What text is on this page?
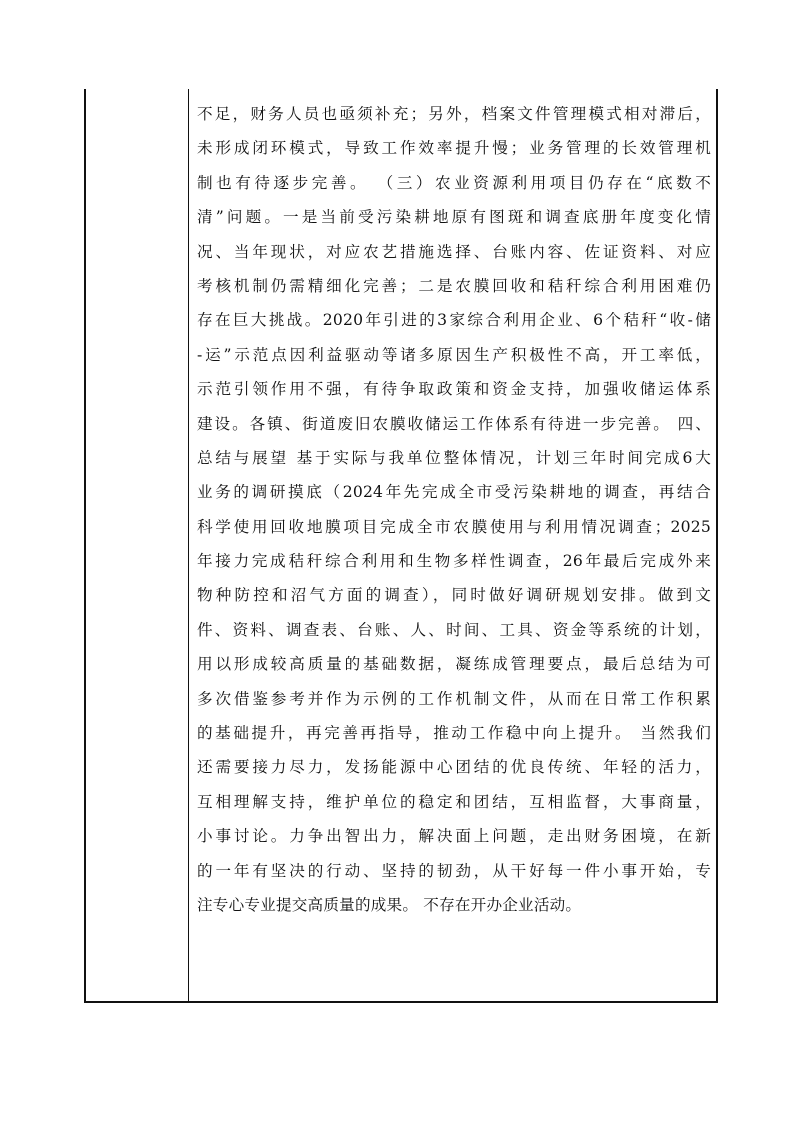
不足，财务人员也亟须补充；另外，档案文件管理模式相对滞后，
未形成闭环模式，导致工作效率提升慢；业务管理的长效管理机
制也有待逐步完善。 （三）农业资源利用项目仍存在“底数不
清”问题。一是当前受污染耕地原有图斑和调查底册年度变化情
况、当年现状，对应农艺措施选择、台账内容、佐证资料、对应
考核机制仍需精细化完善；二是农膜回收和秸秆综合利用困难仍
存在巨大挑战。2020年引进的3家综合利用企业、6个秸秆“收-储
-运”示范点因利益驱动等诸多原因生产积极性不高，开工率低，
示范引领作用不强，有待争取政策和资金支持，加强收储运体系
建设。各镇、街道废旧农膜收储运工作体系有待进一步完善。 四、
总结与展望 基于实际与我单位整体情况，计划三年时间完成6大
业务的调研摸底（2024年先完成全市受污染耕地的调查，再结合
科学使用回收地膜项目完成全市农膜使用与利用情况调查；2025
年接力完成秸秆综合利用和生物多样性调查，26年最后完成外来
物种防控和沼气方面的调查），同时做好调研规划安排。做到文
件、资料、调查表、台账、人、时间、工具、资金等系统的计划，
用以形成较高质量的基础数据，凝练成管理要点，最后总结为可
多次借鉴参考并作为示例的工作机制文件，从而在日常工作积累
的基础提升，再完善再指导，推动工作稳中向上提升。 当然我们
还需要接力尽力，发扬能源中心团结的优良传统、年轻的活力，
互相理解支持，维护单位的稳定和团结，互相监督，大事商量，
小事讨论。力争出智出力，解决面上问题，走出财务困境，在新
的一年有坚决的行动、坚持的韧劲，从干好每一件小事开始，专
注专心专业提交高质量的成果。 不存在开办企业活动。
